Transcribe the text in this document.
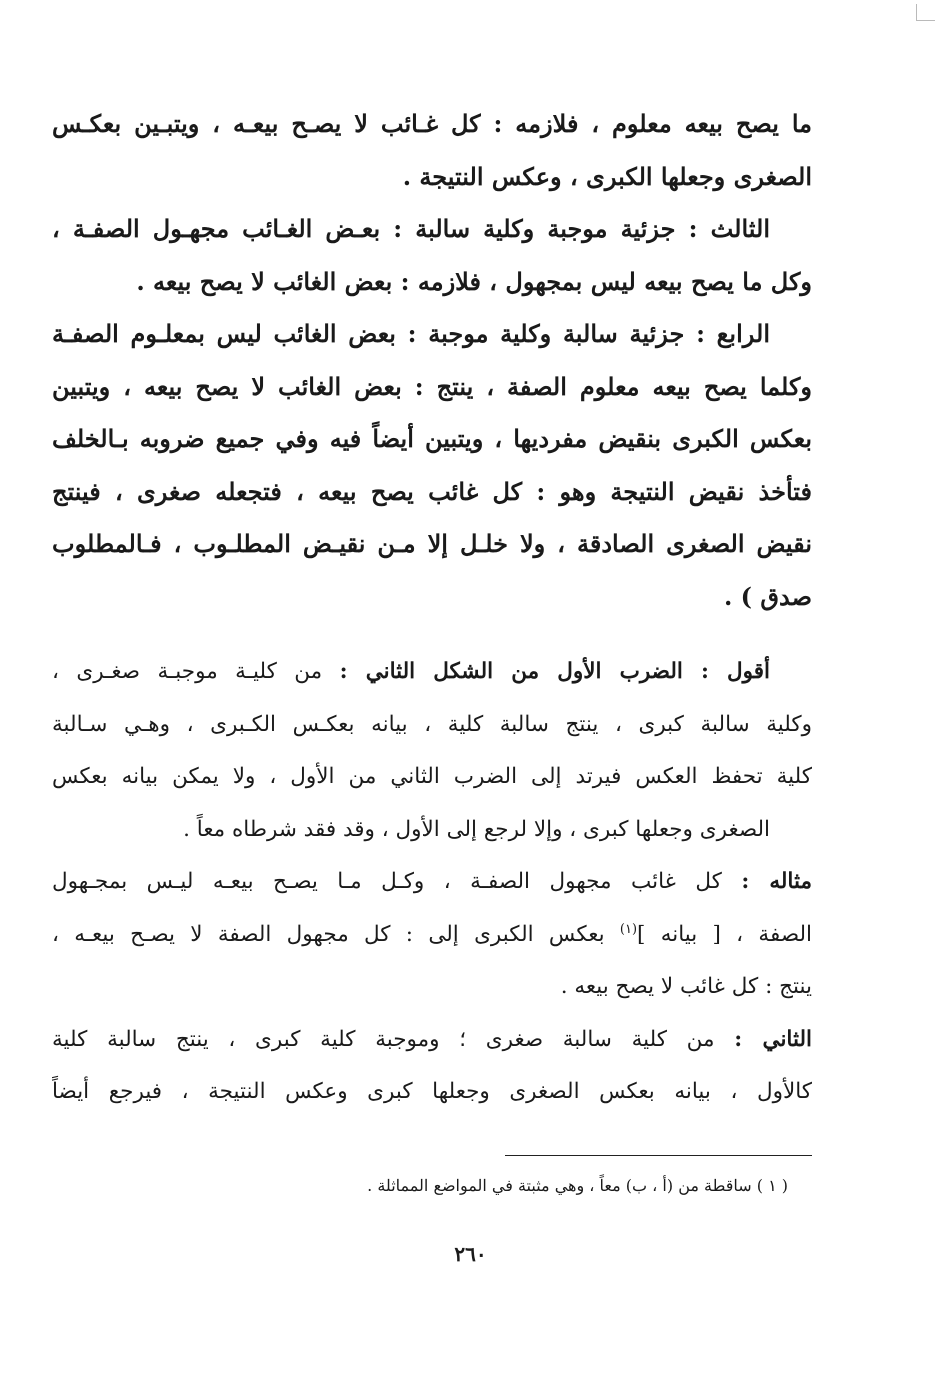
ما يصح بيعه معلوم ، فلازمه : كل غـائب لا يصـح بيعـه ، ويتبـين بعكـس
الصغرى وجعلها الكبرى ، وعكس النتيجة .
الثالث : جزئية موجبة وكلية سالبة : بعـض الغـائب مجهـول الصفـة ،
وكل ما يصح بيعه ليس بمجهول ، فلازمه : بعض الغائب لا يصح بيعه .
الرابع : جزئية سالبة وكلية موجبة : بعض الغائب ليس بمعلـوم الصفـة
وكلما يصح بيعه معلوم الصفة ، ينتج : بعض الغائب لا يصح بيعه ، ويتبين
بعكس الكبرى بنقيض مفرديها ، ويتبين أيضاً فيه وفي جميع ضروبه بـالخلف
فتأخذ نقيض النتيجة وهو : كل غائب يصح بيعه ، فتجعله صغرى ، فينتج
نقيض الصغرى الصادقة ، ولا خلـل إلا مـن نقيـض المطلـوب ، فـالمطلوب
صدق ) .
أقول : الضرب الأول من الشكل الثاني : من كليـة موجبـة صغـرى ،
وكلية سالبة كبرى ، ينتج سالبة كلية ، بيانه بعكـس الكـبرى ، وهـي سـالبة
كلية تحفظ العكس فيرتد إلى الضرب الثاني من الأول ، ولا يمكن بيانه بعكس
الصغرى وجعلها كبرى ، وإلا لرجع إلى الأول ، وقد فقد شرطاه معاً .
مثاله : كل غائب مجهول الصفـة ، وكـل مـا يصـح بيعـه ليـس بمجـهول
الصفة ، [ بيانه ]$^{(١)}$ بعكس الكبرى إلى : كل مجهول الصفة لا يصـح بيعـه ،
ينتج : كل غائب لا يصح بيعه .
الثاني : من كلية سالبة صغرى ؛ وموجبة كلية كبرى ، ينتج سالبة كلية
كالأول ، بيانه بعكس الصغرى وجعلها كبرى وعكس النتيجة ، فيرجع أيضاً
( ١ ) ساقطة من (أ ، ب) معاً ، وهي مثبتة في المواضع المماثلة .
٢٦٠
